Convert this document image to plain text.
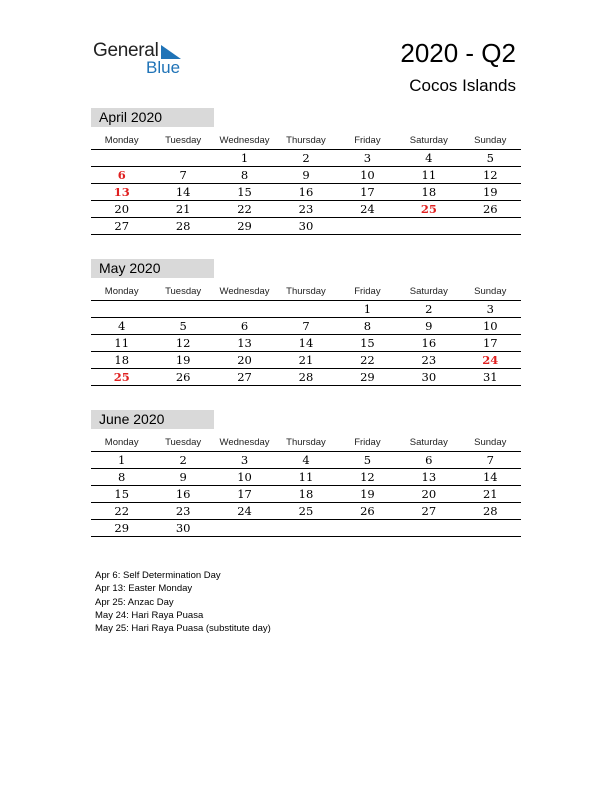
General
Blue	2020 - Q2
Cocos Islands
April 2020
Monday	Tuesday	Wednesday	Thursday	Friday	Saturday	Sunday
		1	2	3	4	5
6	7	8	9	10	11	12
13	14	15	16	17	18	19
20	21	22	23	24	25	26
27	28	29	30			
May 2020
Monday	Tuesday	Wednesday	Thursday	Friday	Saturday	Sunday
				1	2	3
4	5	6	7	8	9	10
11	12	13	14	15	16	17
18	19	20	21	22	23	24
25	26	27	28	29	30	31
June 2020
Monday	Tuesday	Wednesday	Thursday	Friday	Saturday	Sunday
1	2	3	4	5	6	7
8	9	10	11	12	13	14
15	16	17	18	19	20	21
22	23	24	25	26	27	28
29	30					
Apr 6: Self Determination Day
Apr 13: Easter Monday
Apr 25: Anzac Day
May 24: Hari Raya Puasa
May 25: Hari Raya Puasa (substitute day)
